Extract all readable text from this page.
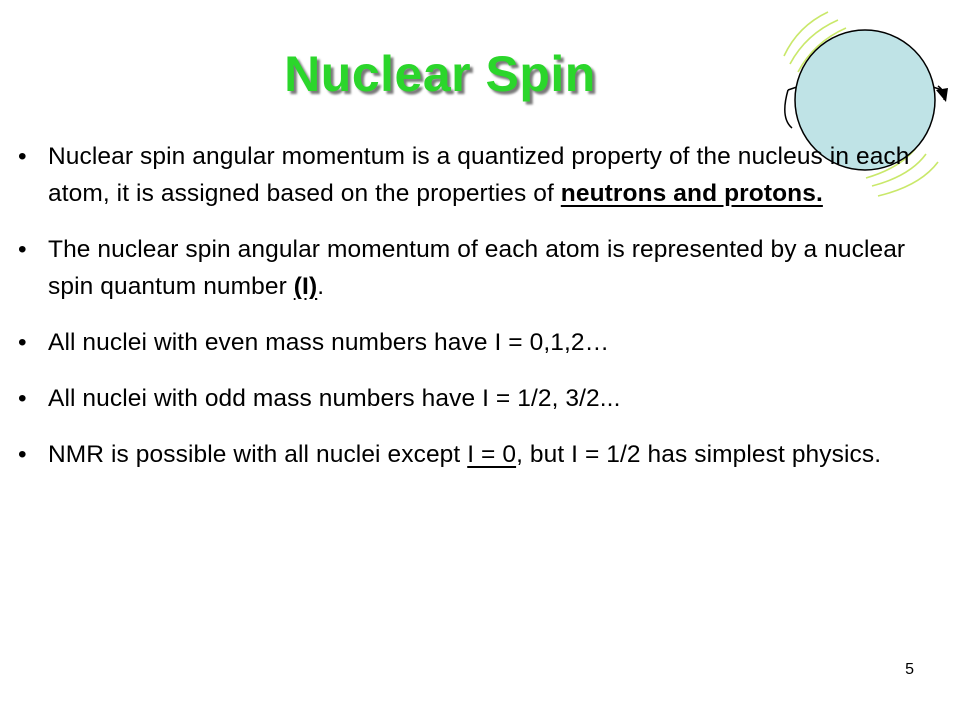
Nuclear Spin
• Nuclear spin angular momentum is a quantized property of the nucleus in each atom, it is assigned based on the properties of neutrons and protons.
• The nuclear spin angular momentum of each atom is represented by a nuclear spin quantum number (I).
• All nuclei with even mass numbers have I = 0,1,2…
• All nuclei with odd mass numbers have I = 1/2, 3/2...
• NMR is possible with all nuclei except I = 0, but I = 1/2 has simplest physics.
5
